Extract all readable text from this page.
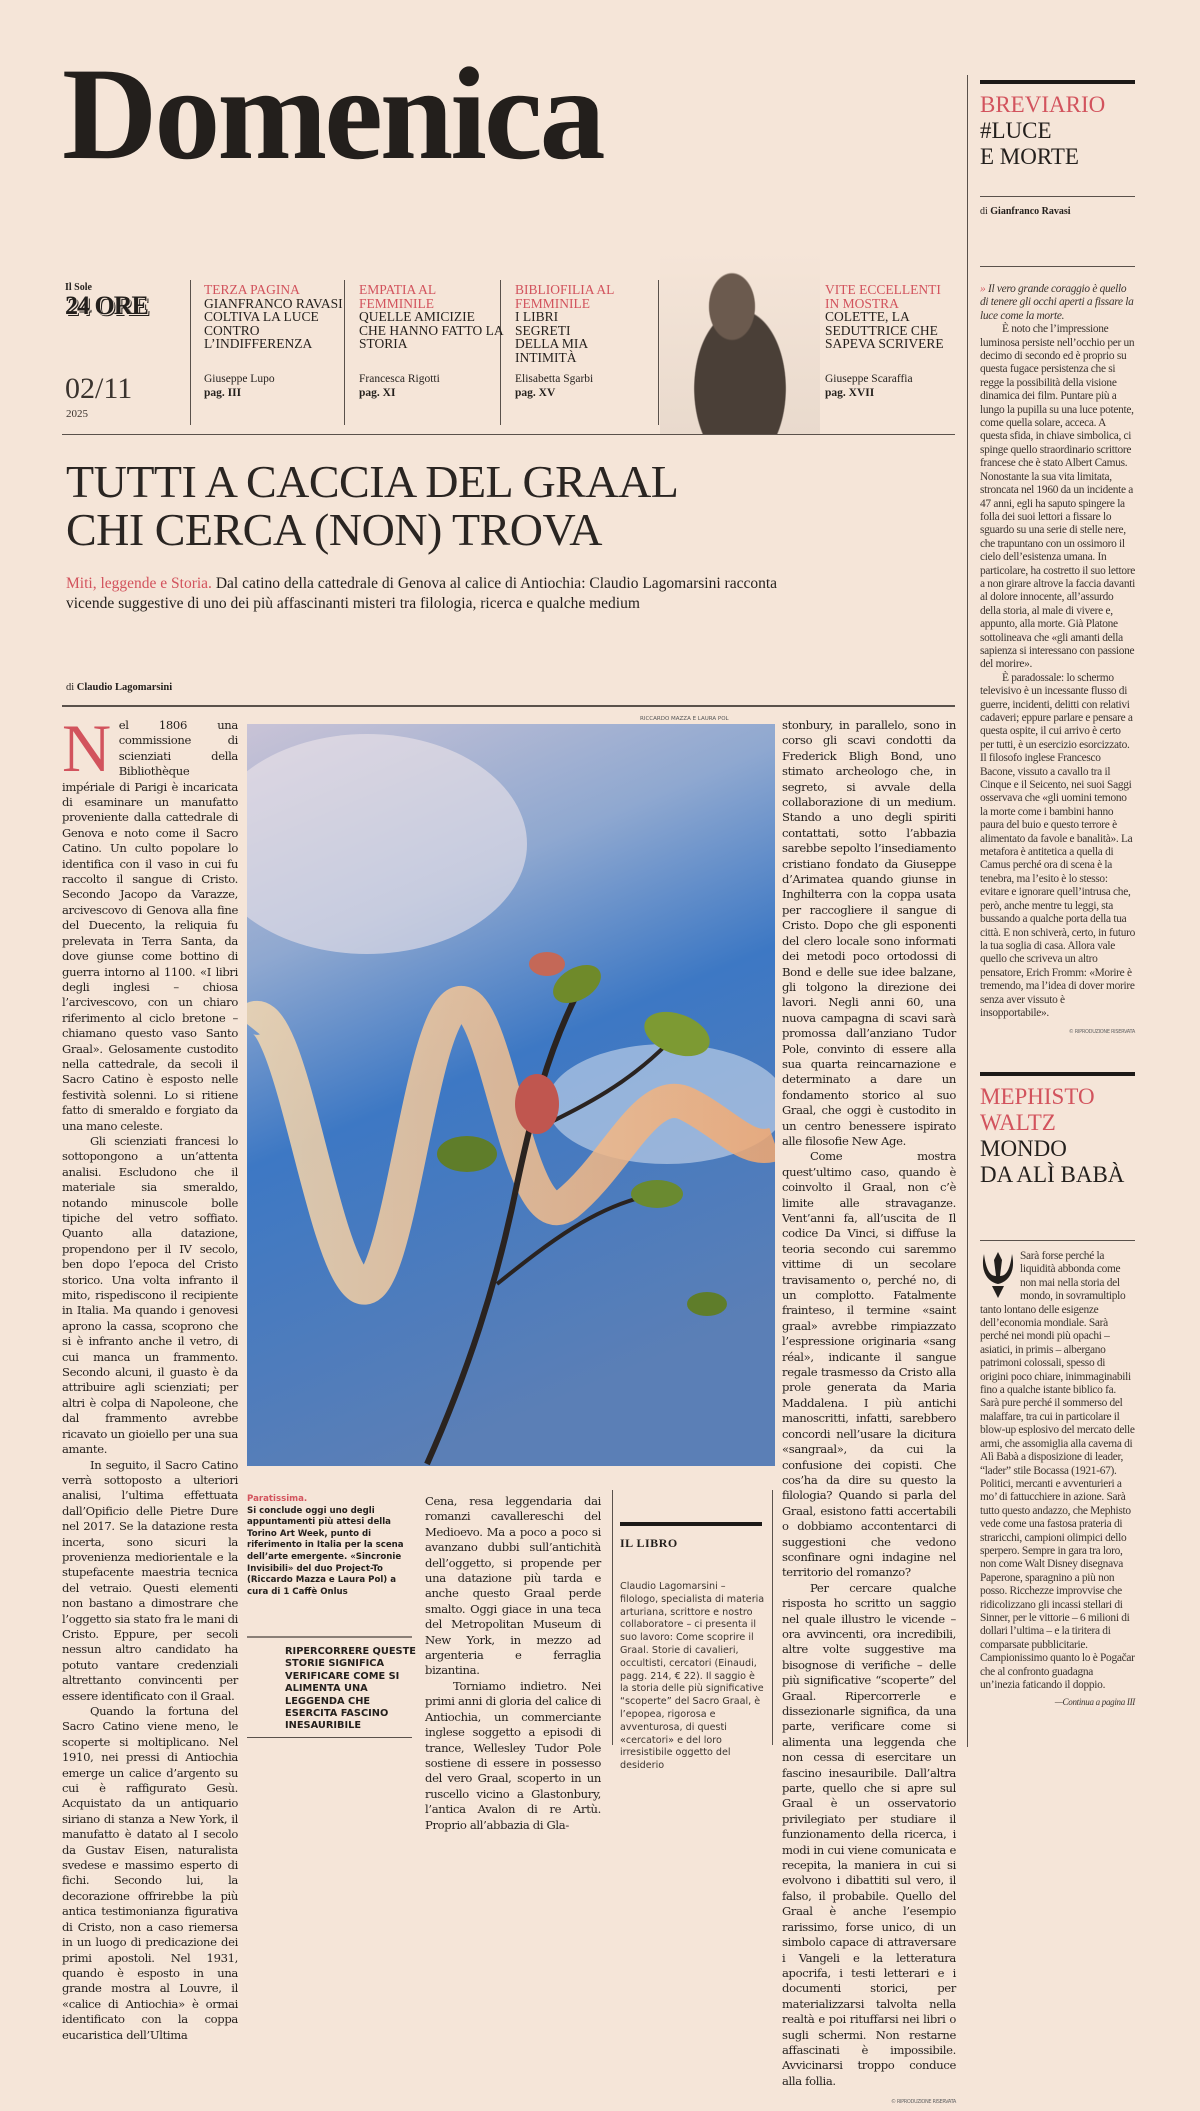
Domenica
Il Sole
24 ORE
02/11
2025
TERZA PAGINA
GIANFRANCO RAVASI COLTIVA LA LUCE CONTRO L’INDIFFERENZA
Giuseppe Lupo
pag. III
EMPATIA AL FEMMINILE
QUELLE AMICIZIE CHE HANNO FATTO LA STORIA
Francesca Rigotti
pag. XI
BIBLIOFILIA AL FEMMINILE
I LIBRI SEGRETI DELLA MIA INTIMITÀ
Elisabetta Sgarbi
pag. XV
VITE ECCELLENTI IN MOSTRA
COLETTE, LA SEDUTTRICE CHE SAPEVA SCRIVERE
Giuseppe Scaraffia
pag. XVII
TUTTI A CACCIA DEL GRAAL
CHI CERCA (NON) TROVA
Miti, leggende e Storia. Dal catino della cattedrale di Genova al calice di Antiochia: Claudio Lagomarsini racconta vicende suggestive di uno dei più affascinanti misteri tra filologia, ricerca e qualche medium
di Claudio Lagomarsini
RICCARDO MAZZA E LAURA POL

Nel 1806 una commissione di scienziati della Bibliothèque impériale di Parigi è incaricata di esaminare un manufatto proveniente dalla cattedrale di Genova e noto come il Sacro Catino. Un culto popolare lo identifica con il vaso in cui fu raccolto il sangue di Cristo. Secondo Jacopo da Varazze, arcivescovo di Genova alla fine del Duecento, la reliquia fu prelevata in Terra Santa, da dove giunse come bottino di guerra intorno al 1100. «I libri degli inglesi – chiosa l’arcivescovo, con un chiaro riferimento al ciclo bretone – chiamano questo vaso Santo Graal». Gelosamente custodito nella cattedrale, da secoli il Sacro Catino è esposto nelle festività solenni. Lo si ritiene fatto di smeraldo e forgiato da una mano celeste.

Gli scienziati francesi lo sottopongono a un’attenta analisi. Escludono che il materiale sia smeraldo, notando minuscole bolle tipiche del vetro soffiato. Quanto alla datazione, propendono per il IV secolo, ben dopo l’epoca del Cristo storico. Una volta infranto il mito, rispediscono il recipiente in Italia. Ma quando i genovesi aprono la cassa, scoprono che si è infranto anche il vetro, di cui manca un frammento. Secondo alcuni, il guasto è da attribuire agli scienziati; per altri è colpa di Napoleone, che dal frammento avrebbe ricavato un gioiello per una sua amante.

In seguito, il Sacro Catino verrà sottoposto a ulteriori analisi, l’ultima effettuata dall’Opificio delle Pietre Dure nel 2017. Se la datazione resta incerta, sono sicuri la provenienza mediorientale e la stupefacente maestria tecnica del vetraio. Questi elementi non bastano a dimostrare che l’oggetto sia stato fra le mani di Cristo. Eppure, per secoli nessun altro candidato ha potuto vantare credenziali altrettanto convincenti per essere identificato con il Graal.

Quando la fortuna del Sacro Catino viene meno, le scoperte si moltiplicano. Nel 1910, nei pressi di Antiochia emerge un calice d’argento su cui è raffigurato Gesù. Acquistato da un antiquario siriano di stanza a New York, il manufatto è datato al I secolo da Gustav Eisen, naturalista svedese e massimo esperto di fichi. Secondo lui, la decorazione offrirebbe la più antica testimonianza figurativa di Cristo, non a caso riemersa in un luogo di predicazione dei primi apostoli. Nel 1931, quando è esposto in una grande mostra al Louvre, il «calice di Antiochia» è ormai identificato con la coppa eucaristica dell’Ultima

Paratissima.
Si conclude oggi uno degli appuntamenti più attesi della Torino Art Week, punto di riferimento in Italia per la scena dell’arte emergente. «Sincronie Invisibili» del duo Project-To (Riccardo Mazza e Laura Pol) a cura di 1 Caffè Onlus
RIPERCORRERE QUESTE STORIE SIGNIFICA VERIFICARE COME SI ALIMENTA UNA LEGGENDA CHE ESERCITA FASCINO INESAURIBILE

Cena, resa leggendaria dai romanzi cavallereschi del Medioevo. Ma a poco a poco si avanzano dubbi sull’antichità dell’oggetto, si propende per una datazione più tarda e anche questo Graal perde smalto. Oggi giace in una teca del Metropolitan Museum di New York, in mezzo ad argenteria e ferraglia bizantina.

Torniamo indietro. Nei primi anni di gloria del calice di Antiochia, un commerciante inglese soggetto a episodi di trance, Wellesley Tudor Pole sostiene di essere in possesso del vero Graal, scoperto in un ruscello vicino a Glastonbury, l’antica Avalon di re Artù. Proprio all’abbazia di Gla-

IL LIBRO
Claudio Lagomarsini – filologo, specialista di materia arturiana, scrittore e nostro collaboratore – ci presenta il suo lavoro: Come scoprire il Graal. Storie di cavalieri, occultisti, cercatori (Einaudi, pagg. 214, € 22). Il saggio è la storia delle più significative “scoperte” del Sacro Graal, è l’epopea, rigorosa e avventurosa, di questi «cercatori» e del loro irresistibile oggetto del desiderio

stonbury, in parallelo, sono in corso gli scavi condotti da Frederick Bligh Bond, uno stimato archeologo che, in segreto, si avvale della collaborazione di un medium. Stando a uno degli spiriti contattati, sotto l’abbazia sarebbe sepolto l’insediamento cristiano fondato da Giuseppe d’Arimatea quando giunse in Inghilterra con la coppa usata per raccogliere il sangue di Cristo. Dopo che gli esponenti del clero locale sono informati dei metodi poco ortodossi di Bond e delle sue idee balzane, gli tolgono la direzione dei lavori. Negli anni 60, una nuova campagna di scavi sarà promossa dall’anziano Tudor Pole, convinto di essere alla sua quarta reincarnazione e determinato a dare un fondamento storico al suo Graal, che oggi è custodito in un centro benessere ispirato alle filosofie New Age.

Come mostra quest’ultimo caso, quando è coinvolto il Graal, non c’è limite alle stravaganze. Vent’anni fa, all’uscita de Il codice Da Vinci, si diffuse la teoria secondo cui saremmo vittime di un secolare travisamento o, perché no, di un complotto. Fatalmente frainteso, il termine «saint graal» avrebbe rimpiazzato l’espressione originaria «sang réal», indicante il sangue regale trasmesso da Cristo alla prole generata da Maria Maddalena. I più antichi manoscritti, infatti, sarebbero concordi nell’usare la dicitura «sangraal», da cui la confusione dei copisti. Che cos’ha da dire su questo la filologia? Quando si parla del Graal, esistono fatti accertabili o dobbiamo accontentarci di suggestioni che vedono sconfinare ogni indagine nel territorio del romanzo?

Per cercare qualche risposta ho scritto un saggio nel quale illustro le vicende – ora avvincenti, ora incredibili, altre volte suggestive ma bisognose di verifiche – delle più significative “scoperte” del Graal. Ripercorrerle e dissezionarle significa, da una parte, verificare come si alimenta una leggenda che non cessa di esercitare un fascino inesauribile. Dall’altra parte, quello che si apre sul Graal è un osservatorio privilegiato per studiare il funzionamento della ricerca, i modi in cui viene comunicata e recepita, la maniera in cui si evolvono i dibattiti sul vero, il falso, il probabile. Quello del Graal è anche l’esempio rarissimo, forse unico, di un simbolo capace di attraversare i Vangeli e la letteratura apocrifa, i testi letterari e i documenti storici, per materializzarsi talvolta nella realtà e poi rituffarsi nei libri o sugli schermi. Non restarne affascinati è impossibile. Avvicinarsi troppo conduce alla follia.

© RIPRODUZIONE RISERVATA
BREVIARIO
#LUCE
E MORTE
di Gianfranco Ravasi
» Il vero grande coraggio è quello di tenere gli occhi aperti a fissare la luce come la morte.

È noto che l’impressione luminosa persiste nell’occhio per un decimo di secondo ed è proprio su questa fugace persistenza che si regge la possibilità della visione dinamica dei film. Puntare più a lungo la pupilla su una luce potente, come quella solare, acceca. A questa sfida, in chiave simbolica, ci spinge quello straordinario scrittore francese che è stato Albert Camus. Nonostante la sua vita limitata, stroncata nel 1960 da un incidente a 47 anni, egli ha saputo spingere la folla dei suoi lettori a fissare lo sguardo su una serie di stelle nere, che trapuntano con un ossimoro il cielo dell’esistenza umana. In particolare, ha costretto il suo lettore a non girare altrove la faccia davanti al dolore innocente, all’assurdo della storia, al male di vivere e, appunto, alla morte. Già Platone sottolineava che «gli amanti della sapienza si interessano con passione del morire».

È paradossale: lo schermo televisivo è un incessante flusso di guerre, incidenti, delitti con relativi cadaveri; eppure parlare e pensare a questa ospite, il cui arrivo è certo per tutti, è un esercizio esorcizzato. Il filosofo inglese Francesco Bacone, vissuto a cavallo tra il Cinque e il Seicento, nei suoi Saggi osservava che «gli uomini temono la morte come i bambini hanno paura del buio e questo terrore è alimentato da favole e banalità». La metafora è antitetica a quella di Camus perché ora di scena è la tenebra, ma l’esito è lo stesso: evitare e ignorare quell’intrusa che, però, anche mentre tu leggi, sta bussando a qualche porta della tua città. E non schiverà, certo, in futuro la tua soglia di casa. Allora vale quello che scriveva un altro pensatore, Erich Fromm: «Morire è tremendo, ma l’idea di dover morire senza aver vissuto è insopportabile».

© RIPRODUZIONE RISERVATA
MEPHISTO
WALTZ
MONDO
DA ALÌ BABÀ
Sarà forse perché la liquidità abbonda come non mai nella storia del mondo, in sovramultiplo tanto lontano delle esigenze dell’economia mondiale. Sarà perché nei mondi più opachi – asiatici, in primis – albergano patrimoni colossali, spesso di origini poco chiare, inimmaginabili fino a qualche istante biblico fa. Sarà pure perché il sommerso del malaffare, tra cui in particolare il blow-up esplosivo del mercato delle armi, che assomiglia alla caverna di Alì Babà a disposizione di leader, “lader” stile Bocassa (1921-67). Politici, mercanti e avventurieri a mo’ di fattucchiere in azione. Sarà tutto questo andazzo, che Mephisto vede come una fastosa prateria di straricchi, campioni olimpici dello sperpero. Sempre in gara tra loro, non come Walt Disney disegnava Paperone, sparagnino a più non posso. Ricchezze improvvise che ridicolizzano gli incassi stellari di Sinner, per le vittorie – 6 milioni di dollari l’ultima – e la tiritera di comparsate pubblicitarie. Campionissimo quanto lo è Pogačar che al confronto guadagna un’inezia faticando il doppio.
—Continua a pagina III
